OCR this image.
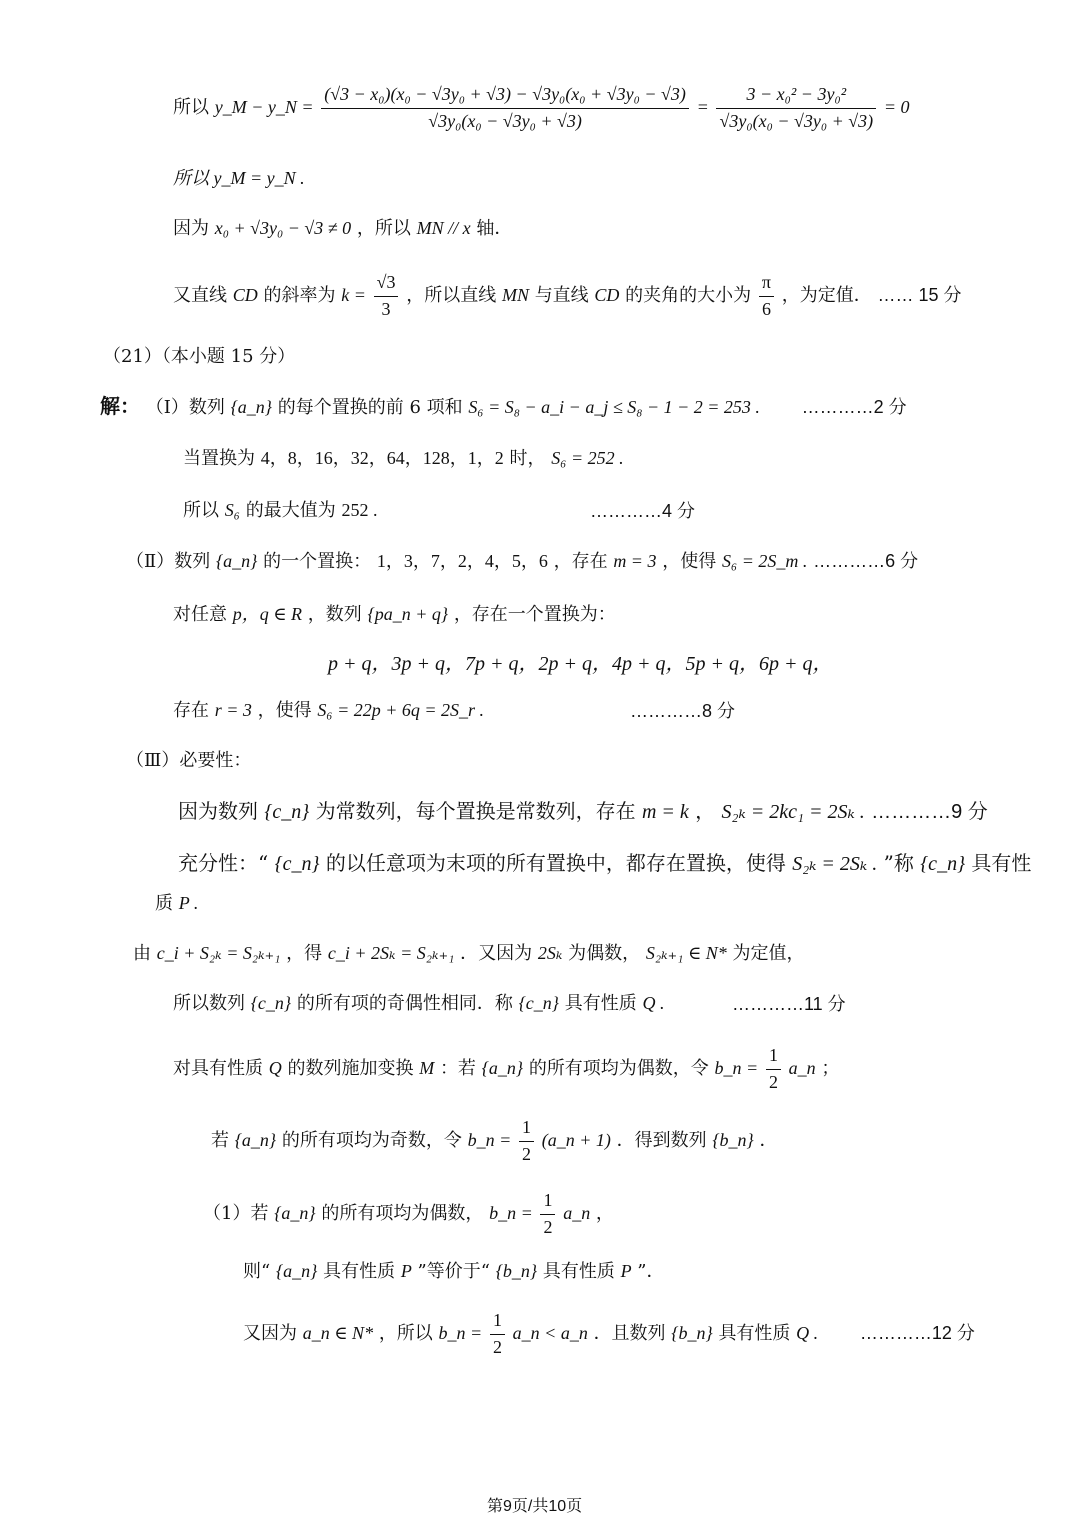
所以 y_M − y_N = $\frac{\text{(√3 − x₀)(x₀ − √3y₀ + √3) − √3y₀(x₀ + √3y₀ − √3)}}{\text{√3y₀(x₀ − √3y₀ + √3)}} = \frac{\text{3 − x₀² − 3y₀²}}{\text{√3y₀(x₀ − √3y₀ + √3)}} = 0$
所以 y_M = y_N .
因为 x₀ + √3y₀ − √3 ≠ 0 ，所以 MN // x 轴．
又直线 CD 的斜率为 $k = \frac{√3}{3}$ ，所以直线 MN 与直线 CD 的夹角的大小为 $\frac{\pi}{6}$ ，为定值． …… 15 分
（21）（本小题 15 分）
解： （Ⅰ）数列 {a_n} 的每个置换的前 6 项和 S₆ = S₈ − a_i − a_j ≤ S₈ − 1 − 2 = 253 . …………2 分
当置换为 4，8，16，32，64，128，1，2 时， S₆ = 252 .
所以 S₆ 的最大值为 252 .	…………4 分
（Ⅱ）数列 {a_n} 的一个置换： 1，3，7，2，4，5，6 ，存在 m = 3 ，使得 S₆ = 2S_m . …………6 分
对任意 p，q ∈ R ，数列 {pa_n + q} ，存在一个置换为：
p + q，3p + q，7p + q，2p + q，4p + q，5p + q，6p + q，
存在 r = 3 ，使得 S₆ = 22p + 6q = 2S_r .	…………8 分
（Ⅲ）必要性：
因为数列 {c_n} 为常数列，每个置换是常数列，存在 m = k ， S₂ₖ = 2kc₁ = 2Sₖ . …………9 分
充分性：“ {c_n} 的以任意项为末项的所有置换中，都存在置换，使得 S₂ₖ = 2Sₖ . ”称 {c_n} 具有性
质 P .
由 c_i + S₂ₖ = S₂ₖ₊₁ ，得 c_i + 2Sₖ = S₂ₖ₊₁ ．又因为 2Sₖ 为偶数， S₂ₖ₊₁ ∈ N* 为定值，
所以数列 {c_n} 的所有项的奇偶性相同．称 {c_n} 具有性质 Q .	…………11 分
对具有性质 Q 的数列施加变换 M ：若 {a_n} 的所有项均为偶数，令 b_n = $\frac{1}{2}$ a_n ；
若 {a_n} 的所有项均为奇数，令 b_n = $\frac{1}{2}$ (a_n + 1) ．得到数列 {b_n} ．
（1）若 {a_n} 的所有项均为偶数， b_n = $\frac{1}{2}$ a_n ，
则“ {a_n} 具有性质 P ”等价于“ {b_n} 具有性质 P ”．
又因为 a_n ∈ N* ，所以 b_n = $\frac{1}{2}$ a_n < a_n ．且数列 {b_n} 具有性质 Q . …………12 分
第9页/共10页
